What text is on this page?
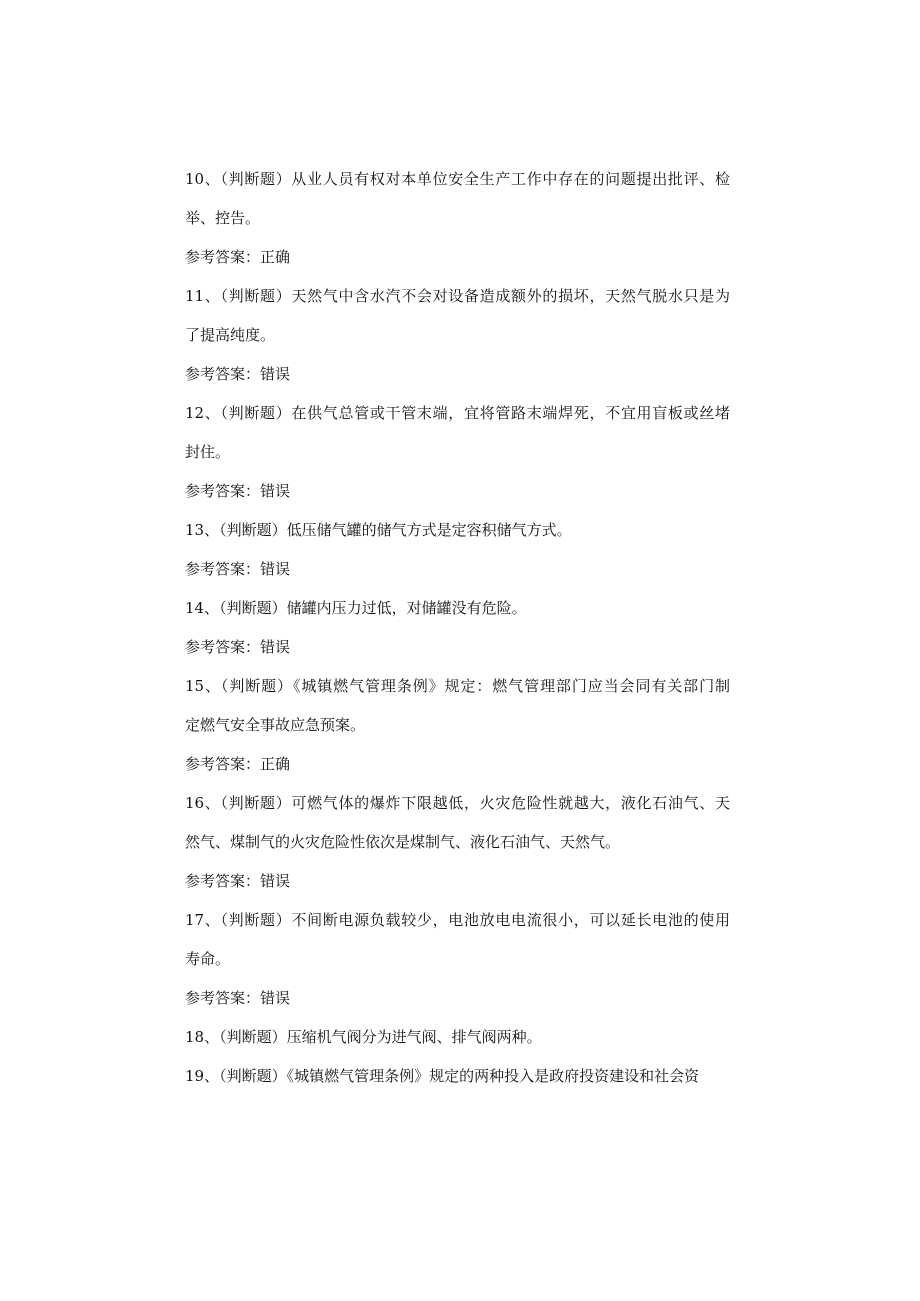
10、（判断题）从业人员有权对本单位安全生产工作中存在的问题提出批评、检
举、控告。
参考答案：正确
11、（判断题）天然气中含水汽不会对设备造成额外的损坏，天然气脱水只是为
了提高纯度。
参考答案：错误
12、（判断题）在供气总管或干管末端，宜将管路末端焊死，不宜用盲板或丝堵
封住。
参考答案：错误
13、（判断题）低压储气罐的储气方式是定容积储气方式。
参考答案：错误
14、（判断题）储罐内压力过低，对储罐没有危险。
参考答案：错误
15、（判断题）《城镇燃气管理条例》规定：燃气管理部门应当会同有关部门制
定燃气安全事故应急预案。
参考答案：正确
16、（判断题）可燃气体的爆炸下限越低，火灾危险性就越大，液化石油气、天
然气、煤制气的火灾危险性依次是煤制气、液化石油气、天然气。
参考答案：错误
17、（判断题）不间断电源负载较少，电池放电电流很小，可以延长电池的使用
寿命。
参考答案：错误
18、（判断题）压缩机气阀分为进气阀、排气阀两种。
19、（判断题）《城镇燃气管理条例》规定的两种投入是政府投资建设和社会资
